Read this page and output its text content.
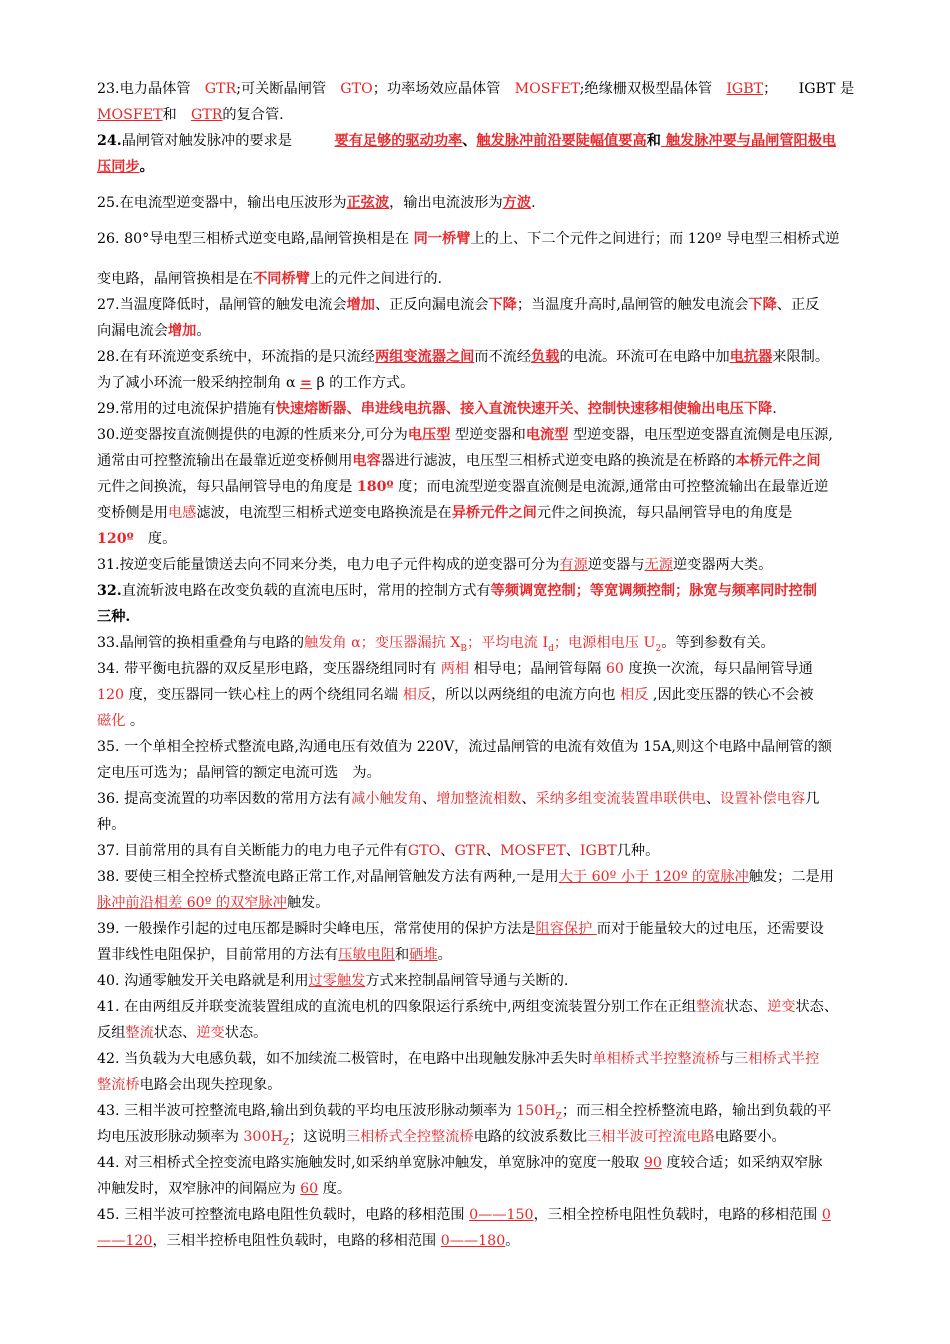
23.电力晶体管　GTR;可关断晶闸管　GTO；功率场效应晶体管　MOSFET;绝缘栅双极型晶体管　IGBT；　　IGBT 是
MOSFET和　GTR的复合管.
24.晶闸管对触发脉冲的要求是　　　要有足够的驱动功率、触发脉冲前沿要陡幅值要高和 触发脉冲要与晶闸管阳极电
压同步。
25.在电流型逆变器中，输出电压波形为正弦波，输出电流波形为方波.
26. 80°导电型三相桥式逆变电路,晶闸管换相是在 同一桥臂上的上、下二个元件之间进行；而 120º 导电型三相桥式逆
变电路，晶闸管换相是在不同桥臂上的元件之间进行的.
27.当温度降低时，晶闸管的触发电流会增加、正反向漏电流会下降；当温度升高时,晶闸管的触发电流会下降、正反
向漏电流会增加。
28.在有环流逆变系统中，环流指的是只流经两组变流器之间而不流经负载的电流。环流可在电路中加电抗器来限制。
为了减小环流一般采纳控制角 α = β 的工作方式。
29.常用的过电流保护措施有快速熔断器、串进线电抗器、接入直流快速开关、控制快速移相使输出电压下降.
30.逆变器按直流侧提供的电源的性质来分,可分为电压型 型逆变器和电流型 型逆变器，电压型逆变器直流侧是电压源,
通常由可控整流输出在最靠近逆变桥侧用电容器进行滤波，电压型三相桥式逆变电路的换流是在桥路的本桥元件之间
元件之间换流，每只晶闸管导电的角度是 180º 度；而电流型逆变器直流侧是电流源,通常由可控整流输出在最靠近逆
变桥侧是用电感滤波，电流型三相桥式逆变电路换流是在异桥元件之间元件之间换流，每只晶闸管导电的角度是
120º　度。
31.按逆变后能量馈送去向不同来分类，电力电子元件构成的逆变器可分为有源逆变器与无源逆变器两大类。
32.直流斩波电路在改变负载的直流电压时，常用的控制方式有等频调宽控制；等宽调频控制；脉宽与频率同时控制
三种.
33.晶闸管的换相重叠角与电路的触发角 α；变压器漏抗 $X_B$；平均电流 $I_d$；电源相电压 $U_2$。等到参数有关。
34. 带平衡电抗器的双反星形电路，变压器绕组同时有 两相 相导电；晶闸管每隔 60 度换一次流，每只晶闸管导通
120 度，变压器同一铁心柱上的两个绕组同名端 相反，所以以两绕组的电流方向也 相反 ,因此变压器的铁心不会被
磁化 。
35. 一个单相全控桥式整流电路,沟通电压有效值为 220V，流过晶闸管的电流有效值为 15A,则这个电路中晶闸管的额
定电压可选为；晶闸管的额定电流可选　为。
36. 提高变流置的功率因数的常用方法有减小触发角、增加整流相数、采纳多组变流装置串联供电、设置补偿电容几
种。
37. 目前常用的具有自关断能力的电力电子元件有GTO、GTR、MOSFET、IGBT几种。
38. 要使三相全控桥式整流电路正常工作,对晶闸管触发方法有两种,一是用大于 60º 小于 120º 的宽脉冲触发；二是用
脉冲前沿相差 60º 的双窄脉冲触发。
39. 一般操作引起的过电压都是瞬时尖峰电压，常常使用的保护方法是阻容保护 而对于能量较大的过电压，还需要设
置非线性电阻保护，目前常用的方法有压敏电阻和硒堆。
40. 沟通零触发开关电路就是利用过零触发方式来控制晶闸管导通与关断的.
41. 在由两组反并联变流装置组成的直流电机的四象限运行系统中,两组变流装置分别工作在正组整流状态、逆变状态、
反组整流状态、逆变状态。
42. 当负载为大电感负载，如不加续流二极管时，在电路中出现触发脉冲丢失时单相桥式半控整流桥与三相桥式半控
整流桥电路会出现失控现象。
43. 三相半波可控整流电路,输出到负载的平均电压波形脉动频率为 $150H_Z$；而三相全控桥整流电路，输出到负载的平
均电压波形脉动频率为 $300H_Z$；这说明三相桥式全控整流桥电路的纹波系数比三相半波可控流电路电路要小。
44. 对三相桥式全控变流电路实施触发时,如采纳单宽脉冲触发，单宽脉冲的宽度一般取 90 度较合适；如采纳双窄脉
冲触发时，双窄脉冲的间隔应为 60 度。
45. 三相半波可控整流电路电阻性负载时，电路的移相范围 0——150，三相全控桥电阻性负载时，电路的移相范围 0
——120，三相半控桥电阻性负载时，电路的移相范围 0——180。
